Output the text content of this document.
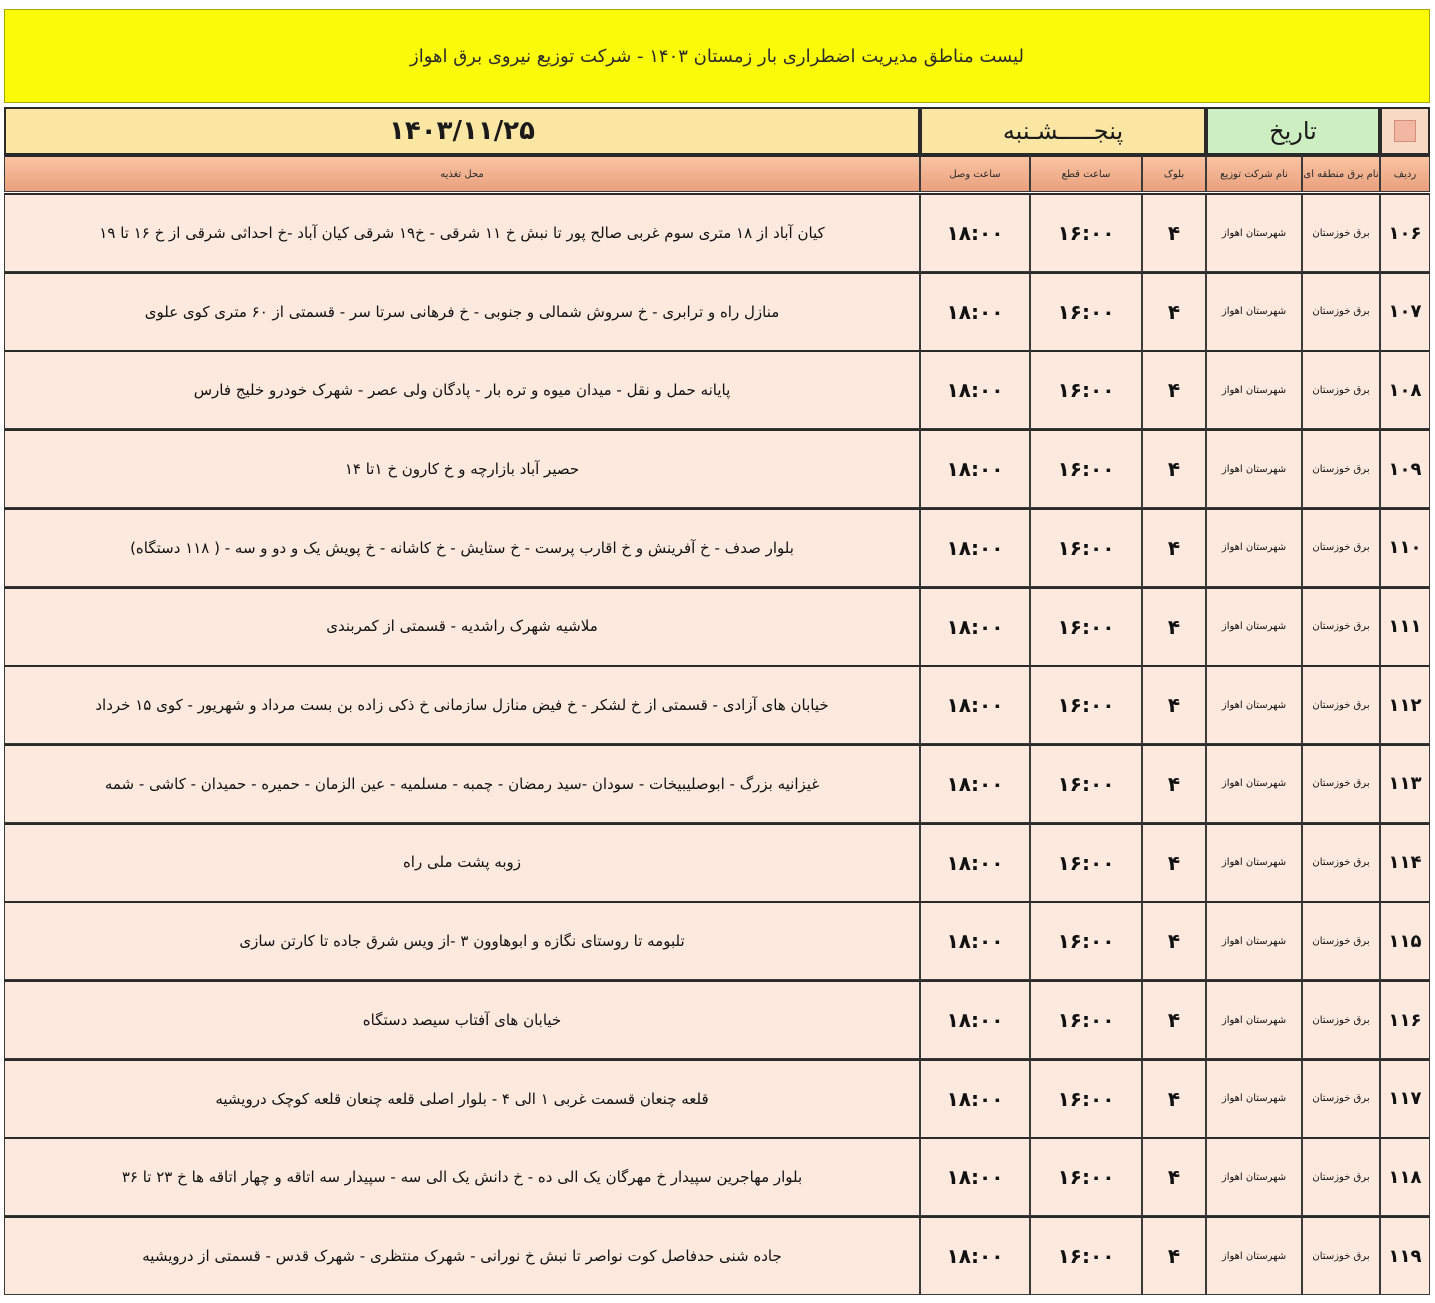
لیست مناطق مدیریت اضطراری بار زمستان ۱۴۰۳ - شرکت توزیع نیروی برق اهواز
تاریخ
پنجـــــشـنبه
۱۴۰۳/۱۱/۲۵
ردیف
نام برق منطقه ای
نام شرکت توزیع
بلوک
ساعت قطع
ساعت وصل
محل تغذیه
۱۰۶
برق خوزستان
شهرستان اهواز
۴
۱۶:۰۰
۱۸:۰۰
کیان آباد از ۱۸ متری سوم غربی صالح پور تا نبش خ ۱۱ شرقی - خ۱۹ شرقی کیان آباد -خ احداثی شرقی از خ ۱۶ تا ۱۹
۱۰۷
برق خوزستان
شهرستان اهواز
۴
۱۶:۰۰
۱۸:۰۰
منازل راه و ترابری - خ سروش شمالی و جنوبی - خ فرهانی سرتا سر - قسمتی از ۶۰ متری کوی علوی
۱۰۸
برق خوزستان
شهرستان اهواز
۴
۱۶:۰۰
۱۸:۰۰
پایانه حمل و نقل - میدان میوه و تره بار - پادگان ولی عصر - شهرک خودرو خلیج فارس
۱۰۹
برق خوزستان
شهرستان اهواز
۴
۱۶:۰۰
۱۸:۰۰
حصیر آباد بازارچه و خ کارون خ ۱تا ۱۴
۱۱۰
برق خوزستان
شهرستان اهواز
۴
۱۶:۰۰
۱۸:۰۰
بلوار صدف - خ آفرینش و خ اقارب پرست - خ ستایش - خ کاشانه - خ پویش یک و دو و سه - ( ۱۱۸ دستگاه)
۱۱۱
برق خوزستان
شهرستان اهواز
۴
۱۶:۰۰
۱۸:۰۰
ملاشیه شهرک راشدیه - قسمتی از کمربندی
۱۱۲
برق خوزستان
شهرستان اهواز
۴
۱۶:۰۰
۱۸:۰۰
خیابان های آزادی - قسمتی از خ لشکر - خ فیض منازل سازمانی خ ذکی زاده بن بست مرداد و شهریور - کوی ۱۵ خرداد
۱۱۳
برق خوزستان
شهرستان اهواز
۴
۱۶:۰۰
۱۸:۰۰
غیزانیه بزرگ - ابوصلیبیخات - سودان -سید رمضان - چمبه - مسلمیه - عین الزمان - حمیره - حمیدان - کاشی - شمه
۱۱۴
برق خوزستان
شهرستان اهواز
۴
۱۶:۰۰
۱۸:۰۰
زوبه پشت ملی راه
۱۱۵
برق خوزستان
شهرستان اهواز
۴
۱۶:۰۰
۱۸:۰۰
تلبومه تا روستای نگازه و ابوهاوون ۳ -از ویس شرق جاده تا کارتن سازی
۱۱۶
برق خوزستان
شهرستان اهواز
۴
۱۶:۰۰
۱۸:۰۰
خیابان های آفتاب سیصد دستگاه
۱۱۷
برق خوزستان
شهرستان اهواز
۴
۱۶:۰۰
۱۸:۰۰
قلعه چنعان قسمت غربی ۱ الی ۴ - بلوار اصلی قلعه چنعان قلعه کوچک درویشیه
۱۱۸
برق خوزستان
شهرستان اهواز
۴
۱۶:۰۰
۱۸:۰۰
بلوار مهاجرین سپیدار خ مهرگان یک الی ده - خ دانش یک الی سه - سپیدار سه اتاقه و چهار اتاقه ها خ ۲۳ تا ۳۶
۱۱۹
برق خوزستان
شهرستان اهواز
۴
۱۶:۰۰
۱۸:۰۰
جاده شنی حدفاصل کوت نواصر تا نبش خ نورانی - شهرک منتظری - شهرک قدس - قسمتی از درویشیه
